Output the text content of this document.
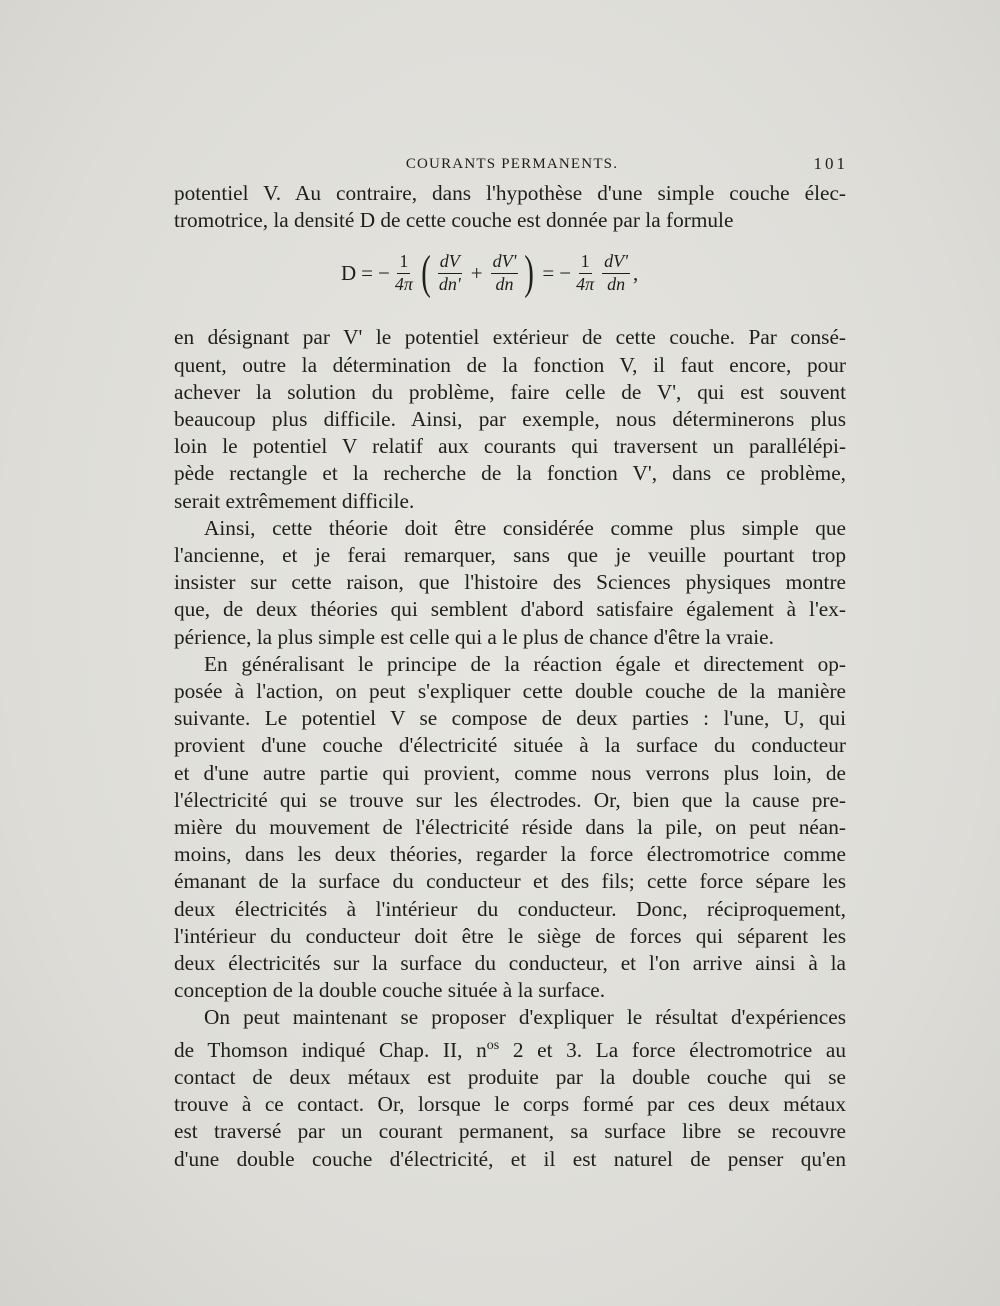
COURANTS PERMANENTS.	101

potentiel V. Au contraire, dans l'hypothèse d'une simple couche élec-

tromotrice, la densité D de cette couche est donnée par la formule

D = − $\frac{1}{4\pi}$ ( $\frac{dV}{dn'} + \frac{dV'}{dn}$ ) = − $\frac{1}{4\pi} \frac{dV'}{dn}$ ,

en désignant par V' le potentiel extérieur de cette couche. Par consé-

quent, outre la détermination de la fonction V, il faut encore, pour

achever la solution du problème, faire celle de V', qui est souvent

beaucoup plus difficile. Ainsi, par exemple, nous déterminerons plus

loin le potentiel V relatif aux courants qui traversent un parallélépi-

pède rectangle et la recherche de la fonction V', dans ce problème,

serait extrêmement difficile.

Ainsi, cette théorie doit être considérée comme plus simple que

l'ancienne, et je ferai remarquer, sans que je veuille pourtant trop

insister sur cette raison, que l'histoire des Sciences physiques montre

que, de deux théories qui semblent d'abord satisfaire également à l'ex-

périence, la plus simple est celle qui a le plus de chance d'être la vraie.

En généralisant le principe de la réaction égale et directement op-

posée à l'action, on peut s'expliquer cette double couche de la manière

suivante. Le potentiel V se compose de deux parties : l'une, U, qui

provient d'une couche d'électricité située à la surface du conducteur

et d'une autre partie qui provient, comme nous verrons plus loin, de

l'électricité qui se trouve sur les électrodes. Or, bien que la cause pre-

mière du mouvement de l'électricité réside dans la pile, on peut néan-

moins, dans les deux théories, regarder la force électromotrice comme

émanant de la surface du conducteur et des fils; cette force sépare les

deux électricités à l'intérieur du conducteur. Donc, réciproquement,

l'intérieur du conducteur doit être le siège de forces qui séparent les

deux électricités sur la surface du conducteur, et l'on arrive ainsi à la

conception de la double couche située à la surface.

On peut maintenant se proposer d'expliquer le résultat d'expériences

de Thomson indiqué Chap. II, $n^{os}$ 2 et 3. La force électromotrice au

contact de deux métaux est produite par la double couche qui se

trouve à ce contact. Or, lorsque le corps formé par ces deux métaux

est traversé par un courant permanent, sa surface libre se recouvre

d'une double couche d'électricité, et il est naturel de penser qu'en
